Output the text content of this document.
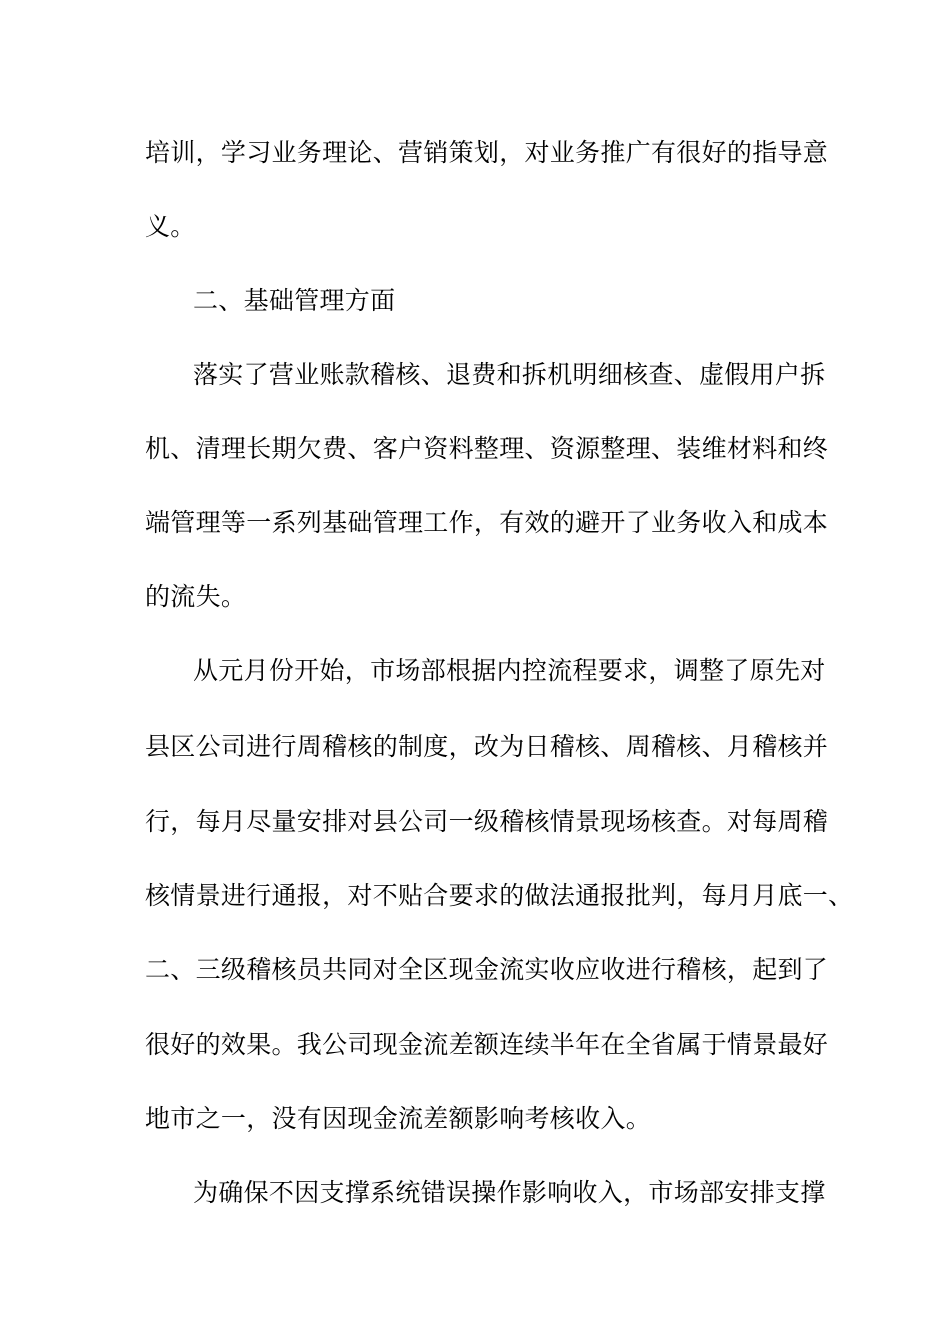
培训，学习业务理论、营销策划，对业务推广有很好的指导意
义。
二、基础管理方面
落实了营业账款稽核、退费和拆机明细核查、虚假用户拆
机、清理长期欠费、客户资料整理、资源整理、装维材料和终
端管理等一系列基础管理工作，有效的避开了业务收入和成本
的流失。
从元月份开始，市场部根据内控流程要求，调整了原先对
县区公司进行周稽核的制度，改为日稽核、周稽核、月稽核并
行，每月尽量安排对县公司一级稽核情景现场核查。对每周稽
核情景进行通报，对不贴合要求的做法通报批判，每月月底一、
二、三级稽核员共同对全区现金流实收应收进行稽核，起到了
很好的效果。我公司现金流差额连续半年在全省属于情景最好
地市之一，没有因现金流差额影响考核收入。
为确保不因支撑系统错误操作影响收入，市场部安排支撑
